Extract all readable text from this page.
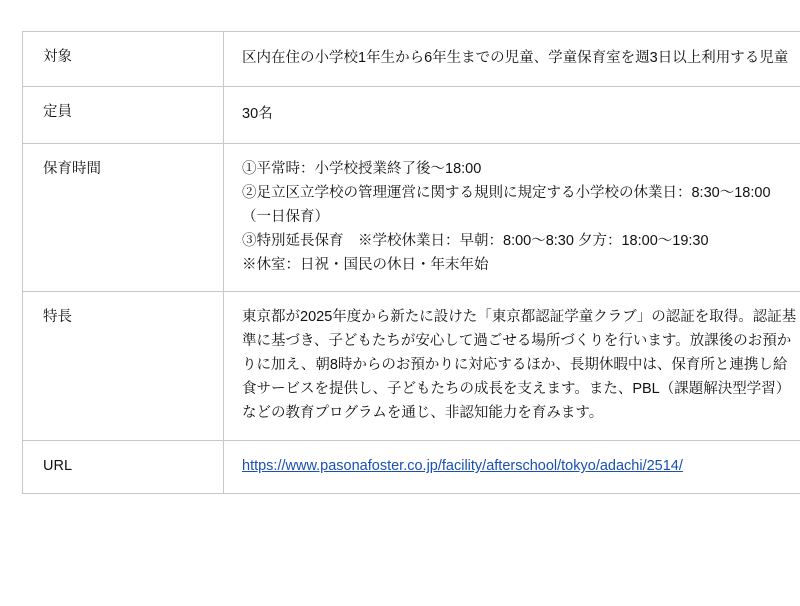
対象	区内在住の小学校1年生から6年生までの児童、学童保育室を週3日以上利用する児童

定員	30名

保育時間	①平常時：小学校授業終了後〜18:00
②足立区立学校の管理運営に関する規則に規定する小学校の休業日：8:30〜18:00（一日保育）
③特別延長保育　※学校休業日：早朝：8:00〜8:30 夕方：18:00〜19:30
※休室：日祝・国民の休日・年末年始

特長	東京都が2025年度から新たに設けた「東京都認証学童クラブ」の認証を取得。認証基準に基づき、子どもたちが安心して過ごせる場所づくりを行います。放課後のお預かりに加え、朝8時からのお預かりに対応するほか、長期休暇中は、保育所と連携し給食サービスを提供し、子どもたちの成長を支えます。また、PBL（課題解決型学習）などの教育プログラムを通じ、非認知能力を育みます。

URL	https://www.pasonafoster.co.jp/facility/afterschool/tokyo/adachi/2514/
